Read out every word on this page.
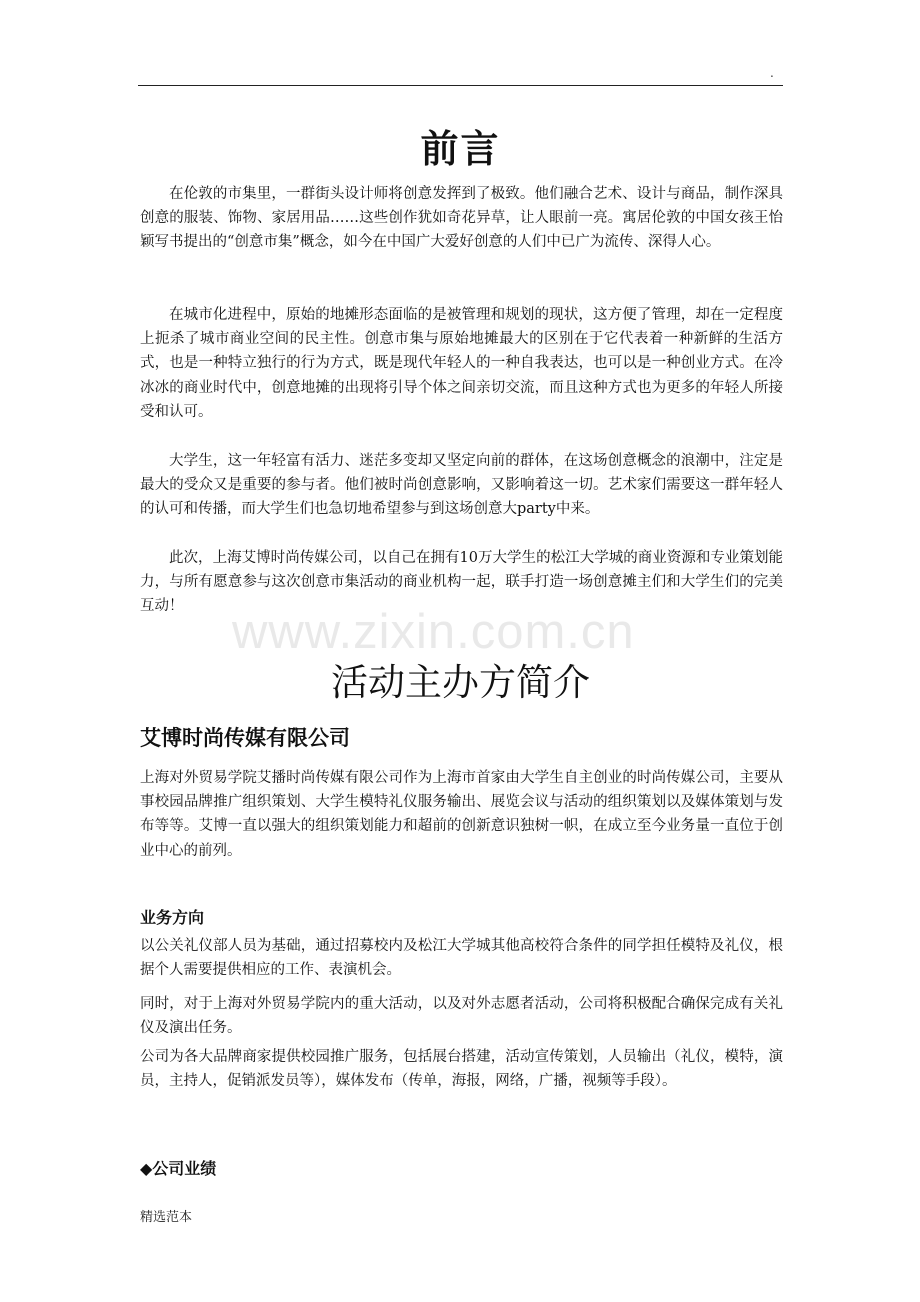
.
前言

在伦敦的市集里，一群街头设计师将创意发挥到了极致。他们融合艺术、设计与商品，制作深具创意的服装、饰物、家居用品……这些创作犹如奇花异草，让人眼前一亮。寓居伦敦的中国女孩王怡颖写书提出的“创意市集”概念，如今在中国广大爱好创意的人们中已广为流传、深得人心。

在城市化进程中，原始的地摊形态面临的是被管理和规划的现状，这方便了管理，却在一定程度上扼杀了城市商业空间的民主性。创意市集与原始地摊最大的区别在于它代表着一种新鲜的生活方式，也是一种特立独行的行为方式，既是现代年轻人的一种自我表达，也可以是一种创业方式。在冷冰冰的商业时代中，创意地摊的出现将引导个体之间亲切交流，而且这种方式也为更多的年轻人所接受和认可。

大学生，这一年轻富有活力、迷茫多变却又坚定向前的群体，在这场创意概念的浪潮中，注定是最大的受众又是重要的参与者。他们被时尚创意影响，又影响着这一切。艺术家们需要这一群年轻人的认可和传播，而大学生们也急切地希望参与到这场创意大party中来。

此次，上海艾博时尚传媒公司，以自己在拥有10万大学生的松江大学城的商业资源和专业策划能力，与所有愿意参与这次创意市集活动的商业机构一起，联手打造一场创意摊主们和大学生们的完美互动！ www.zixin.com.cn
活动主办方简介
艾博时尚传媒有限公司

上海对外贸易学院艾播时尚传媒有限公司作为上海市首家由大学生自主创业的时尚传媒公司，主要从事校园品牌推广组织策划、大学生模特礼仪服务输出、展览会议与活动的组织策划以及媒体策划与发布等等。艾博一直以强大的组织策划能力和超前的创新意识独树一帜，在成立至今业务量一直位于创业中心的前列。

业务方向

以公关礼仪部人员为基础，通过招募校内及松江大学城其他高校符合条件的同学担任模特及礼仪，根据个人需要提供相应的工作、表演机会。

同时，对于上海对外贸易学院内的重大活动，以及对外志愿者活动，公司将积极配合确保完成有关礼仪及演出任务。

公司为各大品牌商家提供校园推广服务，包括展台搭建，活动宣传策划，人员输出（礼仪，模特，演员，主持人，促销派发员等），媒体发布（传单，海报，网络，广播，视频等手段）。

◆公司业绩
精选范本
